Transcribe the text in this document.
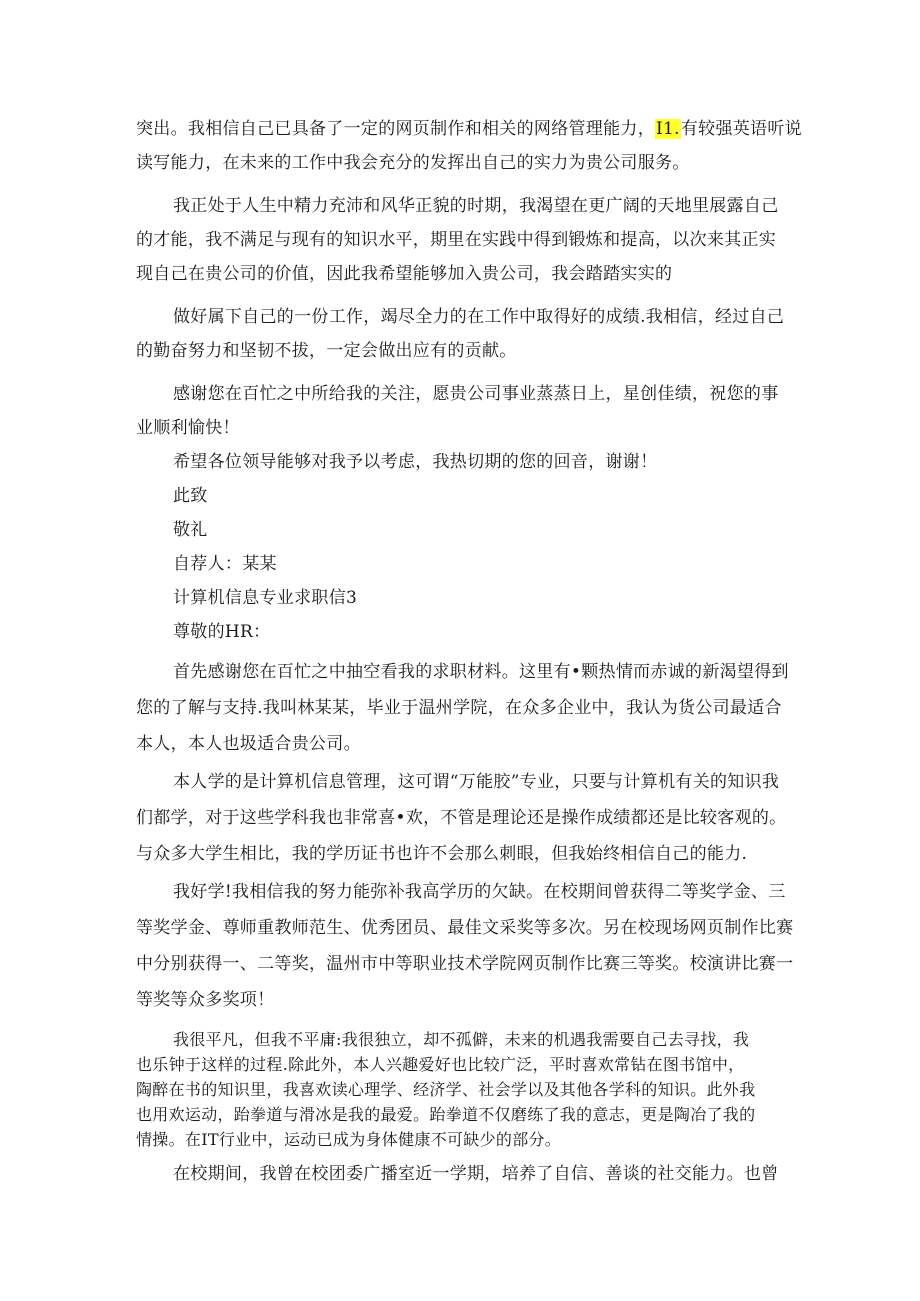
突出。我相信自己已具备了一定的网页制作和相关的网络管理能力，I1.有较强英语听说
读写能力，在未来的工作中我会充分的发挥出自己的实力为贵公司服务。
我正处于人生中精力充沛和风华正貌的时期，我渴望在更广阔的天地里展露自己
的才能，我不满足与现有的知识水平，期里在实践中得到锻炼和提高，以次来其正实
现自己在贵公司的价值，因此我希望能够加入贵公司，我会踏踏实实的
做好属下自己的一份工作，竭尽全力的在工作中取得好的成绩.我相信，经过自己
的勤奋努力和坚韧不拔，一定会做出应有的贡献。
感谢您在百忙之中所给我的关注，愿贵公司事业蒸蒸日上，星创佳绩，祝您的事
业顺利愉快！
希望各位领导能够对我予以考虑，我热切期的您的回音，谢谢！
此致
敬礼
自荐人：某某
计算机信息专业求职信3
尊敬的HR：
首先感谢您在百忙之中抽空看我的求职材料。这里有•颗热情而赤诚的新渴望得到
您的了解与支持.我叫林某某，毕业于温州学院，在众多企业中，我认为货公司最适合
本人，本人也圾适合贵公司。
本人学的是计算机信息管理，这可谓“万能胶”专业，只要与计算机有关的知识我
们都学，对于这些学科我也非常喜•欢，不管是理论还是操作成绩都还是比较客观的。
与众多大学生相比，我的学历证书也许不会那么刺眼，但我始终相信自己的能力.
我好学!我相信我的努力能弥补我高学历的欠缺。在校期间曾获得二等奖学金、三
等奖学金、尊师重教师范生、优秀团员、最佳文采奖等多次。另在校现场网页制作比赛
中分别获得一、二等奖，温州市中等职业技术学院网页制作比赛三等奖。校演讲比赛一
等奖等众多奖项！
我很平凡，但我不平庸:我很独立，却不孤僻，未来的机遇我需要自己去寻找，我
也乐钟于这样的过程.除此外，本人兴趣爱好也比较广泛，平时喜欢常钻在图书馆中，
陶醉在书的知识里，我喜欢读心理学、经济学、社会学以及其他各学科的知识。此外我
也用欢运动，跆拳道与滑冰是我的最爱。跆拳道不仅磨练了我的意志，更是陶冶了我的
情操。在IT行业中，运动已成为身体健康不可缺少的部分。
在校期间，我曾在校团委广播室近一学期，培养了自信、善谈的社交能力。也曾
